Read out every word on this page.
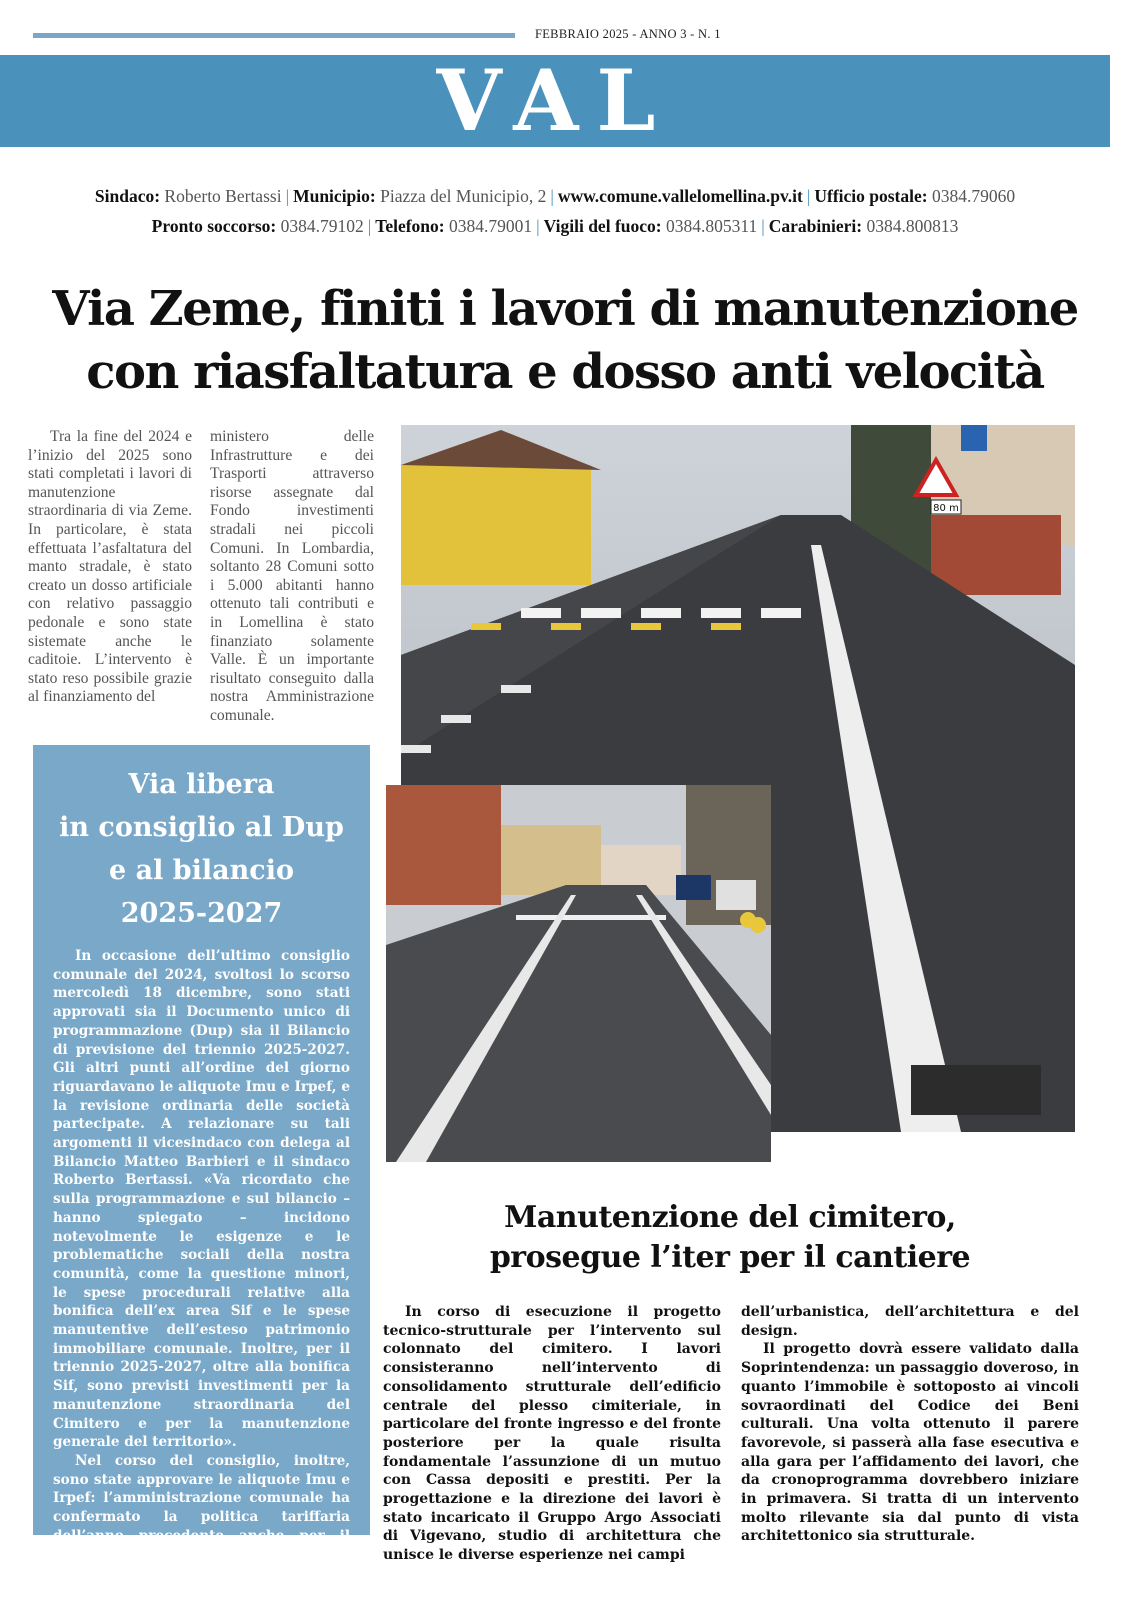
FEBBRAIO 2025 - ANNO 3 - N. 1
VAL
Sindaco: Roberto Bertassi | Municipio: Piazza del Municipio, 2 | www.comune.vallelomellina.pv.it | Ufficio postale: 0384.79060
Pronto soccorso: 0384.79102 | Telefono: 0384.79001 | Vigili del fuoco: 0384.805311 | Carabinieri: 0384.800813
Via Zeme, finiti i lavori di manutenzione
con riasfaltatura e dosso anti velocità

Tra la fine del 2024 e l’inizio del 2025 sono stati completati i lavori di manutenzione straordinaria di via Zeme. In particolare, è stata effettuata l’asfaltatura del manto stradale, è stato creato un dosso artificiale con relativo passaggio pedonale e sono state sistemate anche le caditoie. L’intervento è stato reso possibile grazie al finanziamento del

ministero delle Infrastrutture e dei Trasporti attraverso risorse assegnate dal Fondo investimenti stradali nei piccoli Comuni. In Lombardia, soltanto 28 Comuni sotto i 5.000 abitanti hanno ottenuto tali contributi e in Lomellina è stato finanziato solamente Valle. È un importante risultato conseguito dalla nostra Amministrazione comunale.

80 m
Via libera
in consiglio al Dup
e al bilancio
2025-2027

In occasione dell’ultimo consiglio comunale del 2024, svoltosi lo scorso mercoledì 18 dicembre, sono stati approvati sia il Documento unico di programmazione (Dup) sia il Bilancio di previsione del triennio 2025-2027. Gli altri punti all’ordine del giorno riguardavano le aliquote Imu e Irpef, e la revisione ordinaria delle società partecipate. A relazionare su tali argomenti il vicesindaco con delega al Bilancio Matteo Barbieri e il sindaco Roberto Bertassi. «Va ricordato che sulla programmazione e sul bilancio – hanno spiegato – incidono notevolmente le esigenze e le problematiche sociali della nostra comunità, come la questione minori, le spese procedurali relative alla bonifica dell’ex area Sif e le spese manutentive dell’esteso patrimonio immobiliare comunale. Inoltre, per il triennio 2025-2027, oltre alla bonifica Sif, sono previsti investimenti per la manutenzione straordinaria del Cimitero e per la manutenzione generale del territorio».

Nel corso del consiglio, inoltre, sono state approvare le aliquote Imu e Irpef: l’amministrazione comunale ha confermato la politica tariffaria dell’anno precedente anche per il 2025.

Manutenzione del cimitero,
prosegue l’iter per il cantiere

In corso di esecuzione il progetto tecnico-strutturale per l’intervento sul colonnato del cimitero. I lavori consisteranno nell’intervento di consolidamento strutturale dell’edificio centrale del plesso cimiteriale, in particolare del fronte ingresso e del fronte posteriore per la quale risulta fondamentale l’assunzione di un mutuo con Cassa depositi e prestiti. Per la progettazione e la direzione dei lavori è stato incaricato il Gruppo Argo Associati di Vigevano, studio di architettura che unisce le diverse esperienze nei campi

dell’urbanistica, dell’architettura e del design.

Il progetto dovrà essere validato dalla Soprintendenza: un passaggio doveroso, in quanto l’immobile è sottoposto ai vincoli sovraordinati del Codice dei Beni culturali. Una volta ottenuto il parere favorevole, si passerà alla fase esecutiva e alla gara per l’affidamento dei lavori, che da cronoprogramma dovrebbero iniziare in primavera. Si tratta di un intervento molto rilevante sia dal punto di vista architettonico sia strutturale.
